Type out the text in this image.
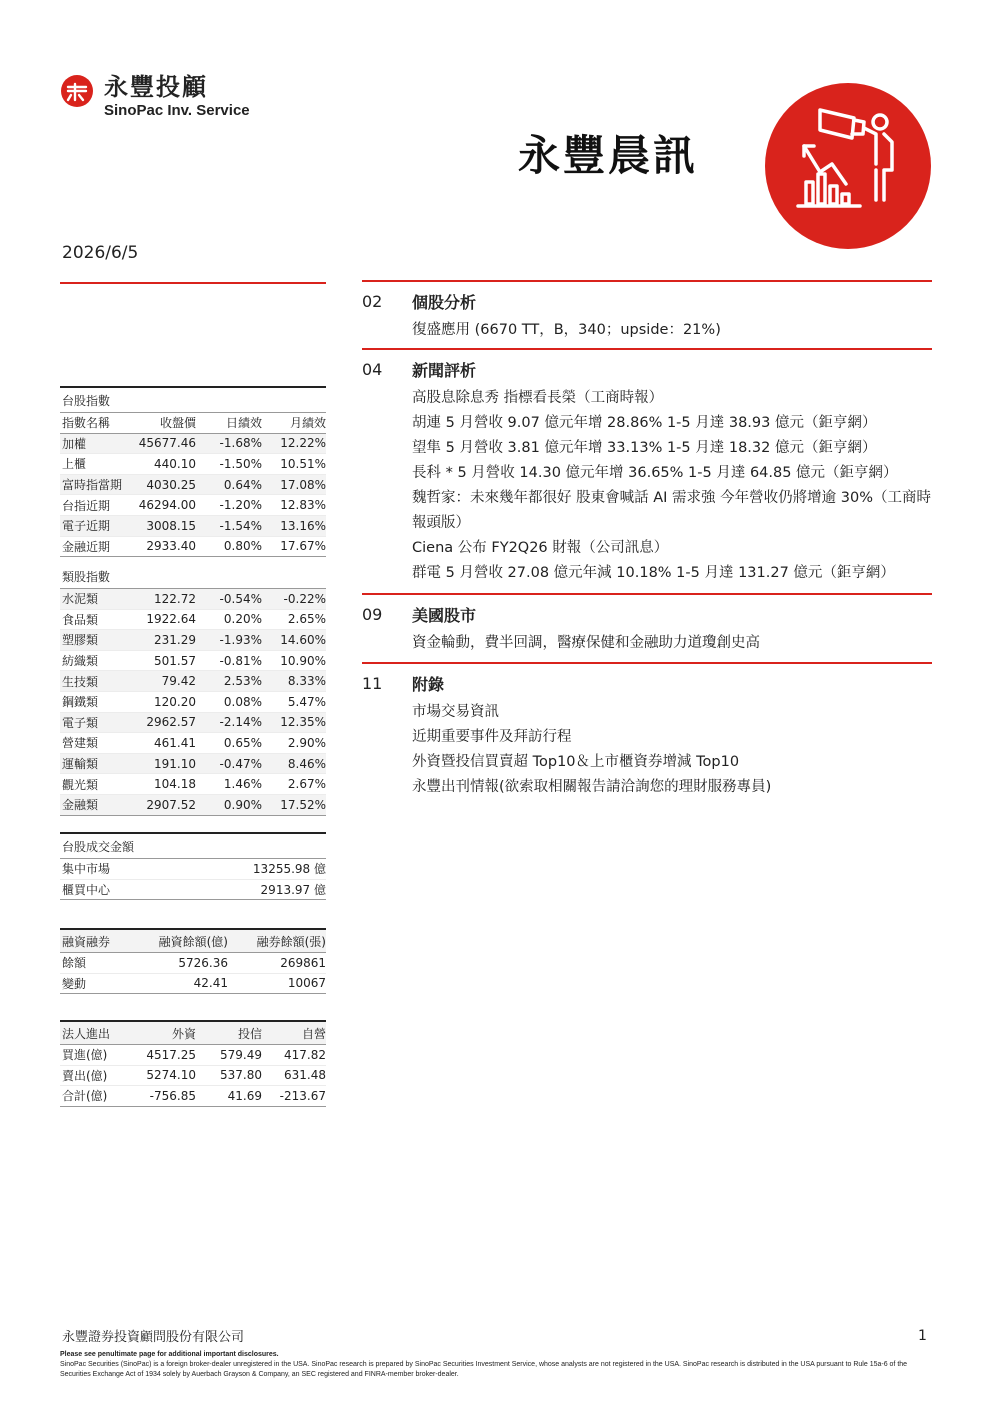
永豐投顧
SinoPac Inv. Service
永豐晨訊
2026/6/5
台股指數
指數名稱	收盤價	日績效	月績效
加權	45677.46	-1.68%	12.22%
上櫃	440.10	-1.50%	10.51%
富時指當期	4030.25	0.64%	17.08%
台指近期	46294.00	-1.20%	12.83%
電子近期	3008.15	-1.54%	13.16%
金融近期	2933.40	0.80%	17.67%
類股指數
水泥類	122.72	-0.54%	-0.22%
食品類	1922.64	0.20%	2.65%
塑膠類	231.29	-1.93%	14.60%
紡織類	501.57	-0.81%	10.90%
生技類	79.42	2.53%	8.33%
鋼鐵類	120.20	0.08%	5.47%
電子類	2962.57	-2.14%	12.35%
營建類	461.41	0.65%	2.90%
運輸類	191.10	-0.47%	8.46%
觀光類	104.18	1.46%	2.67%
金融類	2907.52	0.90%	17.52%
台股成交金額
集中市場	13255.98 億
櫃買中心	2913.97 億
融資融券	融資餘額(億)	融券餘額(張)
餘額	5726.36	269861
變動	42.41	10067
法人進出	外資	投信	自營
買進(億)	4517.25	579.49	417.82
賣出(億)	5274.10	537.80	631.48
合計(億)	-756.85	41.69	-213.67
02	個股分析
復盛應用 (6670 TT，B，340；upside：21%)
04	新聞評析
高股息除息秀 指標看長榮（工商時報）
胡連 5 月營收 9.07 億元年增 28.86% 1-5 月達 38.93 億元（鉅亨網）
望隼 5 月營收 3.81 億元年增 33.13% 1-5 月達 18.32 億元（鉅亨網）
長科 * 5 月營收 14.30 億元年增 36.65% 1-5 月達 64.85 億元（鉅亨網）
魏哲家：未來幾年都很好 股東會喊話 AI 需求強 今年營收仍將增逾 30%（工商時報頭版）
Ciena 公布 FY2Q26 財報（公司訊息）
群電 5 月營收 27.08 億元年減 10.18% 1-5 月達 131.27 億元（鉅亨網）
09	美國股市
資金輪動，費半回調，醫療保健和金融助力道瓊創史高
11	附錄
市場交易資訊
近期重要事件及拜訪行程
外資暨投信買賣超 Top10＆上市櫃資券增減 Top10
永豐出刊情報(欲索取相關報告請洽詢您的理財服務專員)
永豐證券投資顧問股份有限公司	1
Please see penultimate page for additional important disclosures.
SinoPac Securities (SinoPac) is a foreign broker-dealer unregistered in the USA. SinoPac research is prepared by SinoPac Securities Investment Service, whose analysts are not registered in the USA. SinoPac research is distributed in the USA pursuant to Rule 15a-6 of the Securities Exchange Act of 1934 solely by Auerbach Grayson & Company, an SEC registered and FINRA-member broker-dealer.
